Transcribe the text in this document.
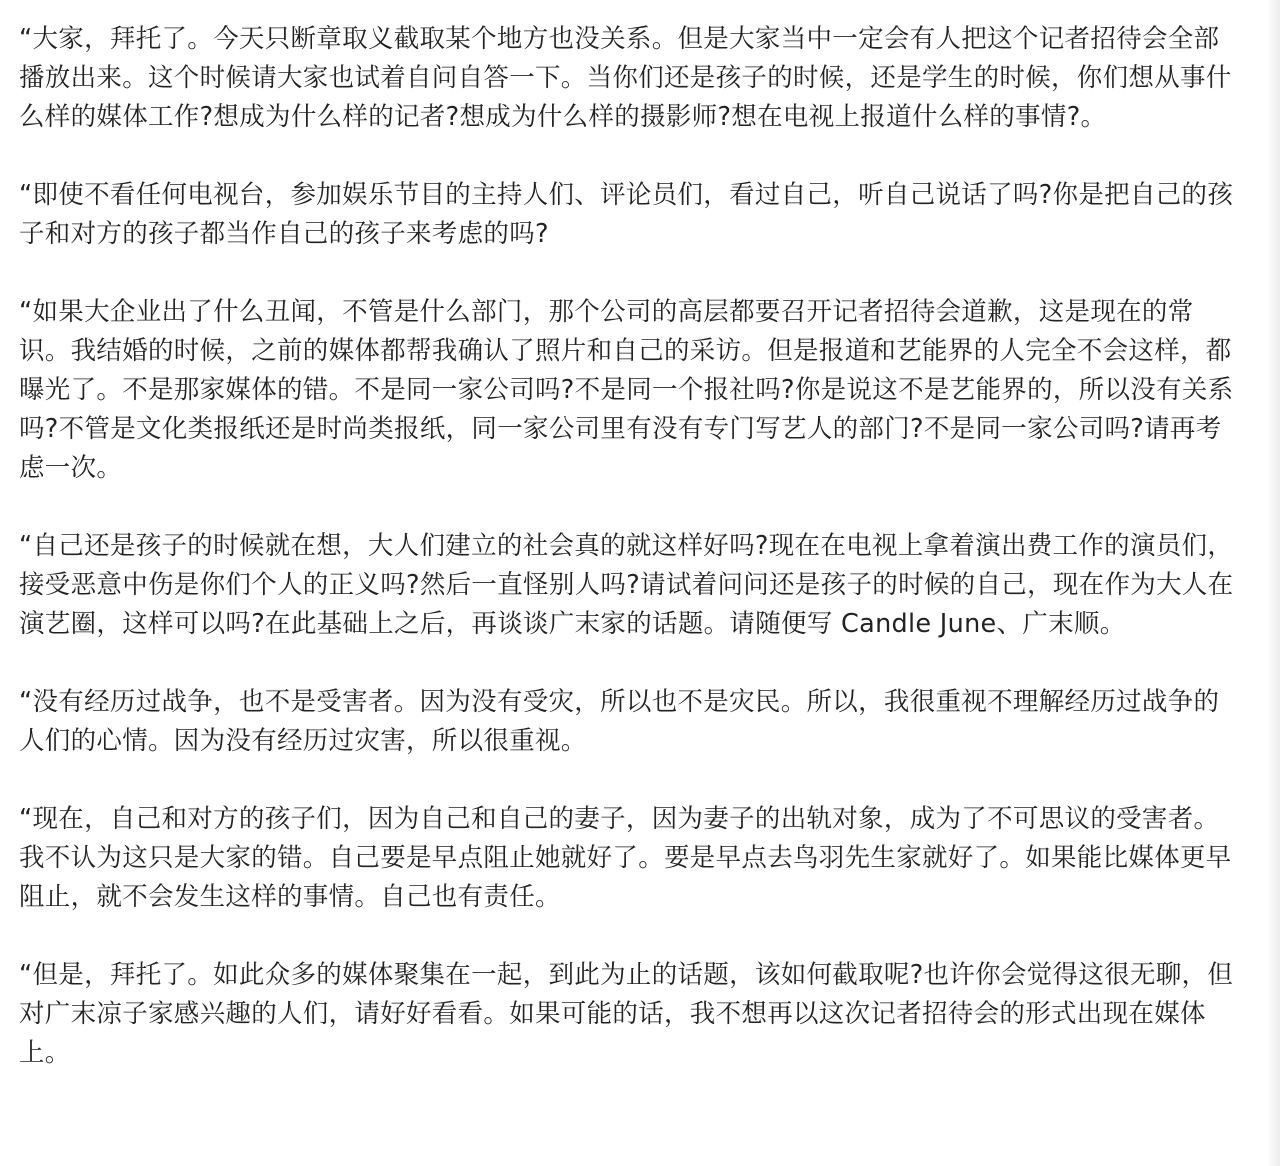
“大家，拜托了。今天只断章取义截取某个地方也没关系。但是大家当中一定会有人把这个记者招待会全部播放出来。这个时候请大家也试着自问自答一下。当你们还是孩子的时候，还是学生的时候，你们想从事什么样的媒体工作?想成为什么样的记者?想成为什么样的摄影师?想在电视上报道什么样的事情?。

“即使不看任何电视台，参加娱乐节目的主持人们、评论员们，看过自己，听自己说话了吗?你是把自己的孩子和对方的孩子都当作自己的孩子来考虑的吗?

“如果大企业出了什么丑闻，不管是什么部门，那个公司的高层都要召开记者招待会道歉，这是现在的常识。我结婚的时候，之前的媒体都帮我确认了照片和自己的采访。但是报道和艺能界的人完全不会这样，都曝光了。不是那家媒体的错。不是同一家公司吗?不是同一个报社吗?你是说这不是艺能界的，所以没有关系吗?不管是文化类报纸还是时尚类报纸，同一家公司里有没有专门写艺人的部门?不是同一家公司吗?请再考虑一次。

“自己还是孩子的时候就在想，大人们建立的社会真的就这样好吗?现在在电视上拿着演出费工作的演员们，接受恶意中伤是你们个人的正义吗?然后一直怪别人吗?请试着问问还是孩子的时候的自己，现在作为大人在演艺圈，这样可以吗?在此基础上之后，再谈谈广末家的话题。请随便写 Candle June、广末顺。

“没有经历过战争，也不是受害者。因为没有受灾，所以也不是灾民。所以，我很重视不理解经历过战争的人们的心情。因为没有经历过灾害，所以很重视。

“现在，自己和对方的孩子们，因为自己和自己的妻子，因为妻子的出轨对象，成为了不可思议的受害者。我不认为这只是大家的错。自己要是早点阻止她就好了。要是早点去鸟羽先生家就好了。如果能比媒体更早阻止，就不会发生这样的事情。自己也有责任。

“但是，拜托了。如此众多的媒体聚集在一起，到此为止的话题，该如何截取呢?也许你会觉得这很无聊，但对广末凉子家感兴趣的人们，请好好看看。如果可能的话，我不想再以这次记者招待会的形式出现在媒体上。
